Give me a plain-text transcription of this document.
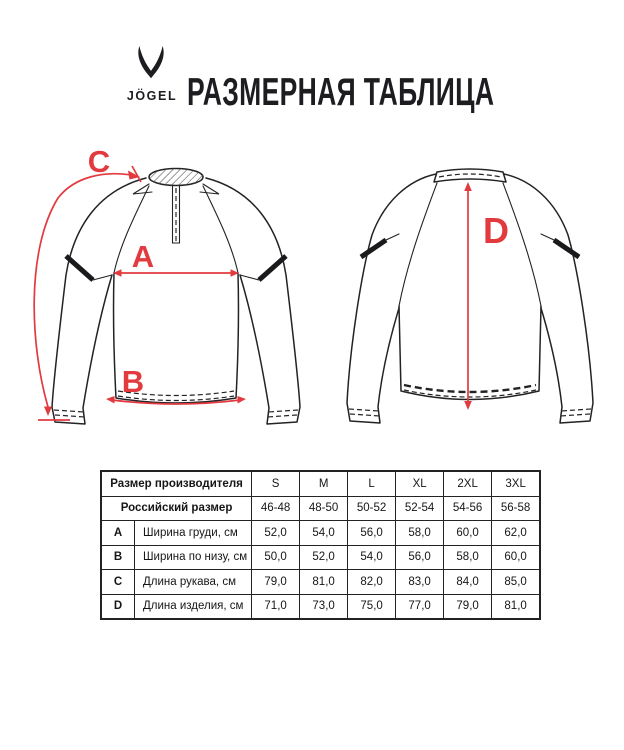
JÖGEL РАЗМЕРНАЯ ТАБЛИЦА
A
B
C
D
Размер производителя		S	M	L	XL	2XL	3XL
Российский размер		46-48	48-50	50-52	52-54	54-56	56-58
A	Ширина груди, см	52,0	54,0	56,0	58,0	60,0	62,0
B	Ширина по низу, см	50,0	52,0	54,0	56,0	58,0	60,0
C	Длина рукава, см	79,0	81,0	82,0	83,0	84,0	85,0
D	Длина изделия, см	71,0	73,0	75,0	77,0	79,0	81,0
